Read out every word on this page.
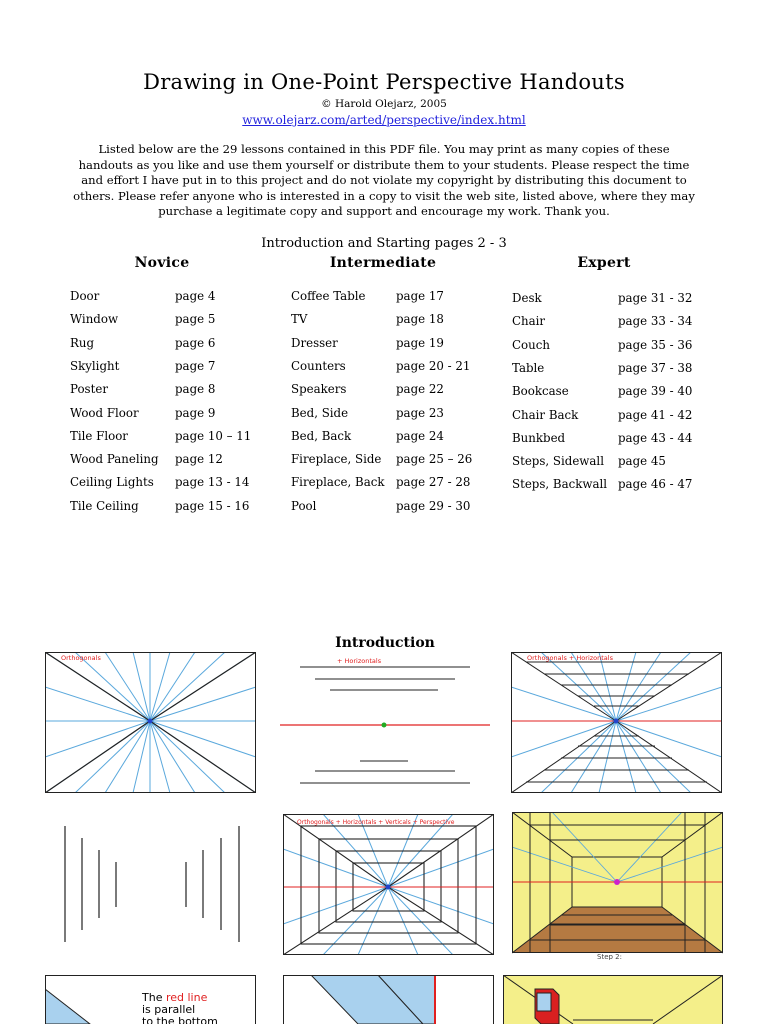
Drawing in One-Point Perspective Handouts
© Harold Olejarz, 2005
www.olejarz.com/arted/perspective/index.html
Listed below are the 29 lessons contained in this PDF file. You may print as many copies of these handouts as you like and use them yourself or distribute them to your students. Please respect the time and effort I have put in to this project and do not violate my copyright by distributing this document to others. Please refer anyone who is interested in a copy to visit the web site, listed above, where they may purchase a legitimate copy and support and encourage my work. Thank you.
Introduction and Starting pages 2 - 3
Novice	Intermediate	Expert
Door	page 4
Window	page 5
Rug	page 6
Skylight	page 7
Poster	page 8
Wood Floor	page 9
Tile Floor	page 10 – 11
Wood Paneling page 12
Ceiling Lights page 13 - 14
Tile Ceiling	page 15 - 16
Coffee Table	page 17
TV	page 18
Dresser	page 19
Counters	page 20 - 21
Speakers	page 22
Bed, Side	page 23
Bed, Back	page 24
Fireplace, Side page 25 – 26
Fireplace, Back page 27 - 28
Pool	page 29 - 30
Desk	page 31 - 32
Chair	page 33 - 34
Couch	page 35 - 36
Table	page 37 - 38
Bookcase	page 39 - 40
Chair Back	page 41 - 42
Bunkbed	page 43 - 44
Steps, Sidewall page 45
Steps, Backwall page 46 - 47
Orthogonals
Introduction
+ Horizontals	Orthogonals + Horizontals
Orthogonals + Horizontals + Verticals + Perspective
Step 2:
The red line
is parallel
to the bottom
